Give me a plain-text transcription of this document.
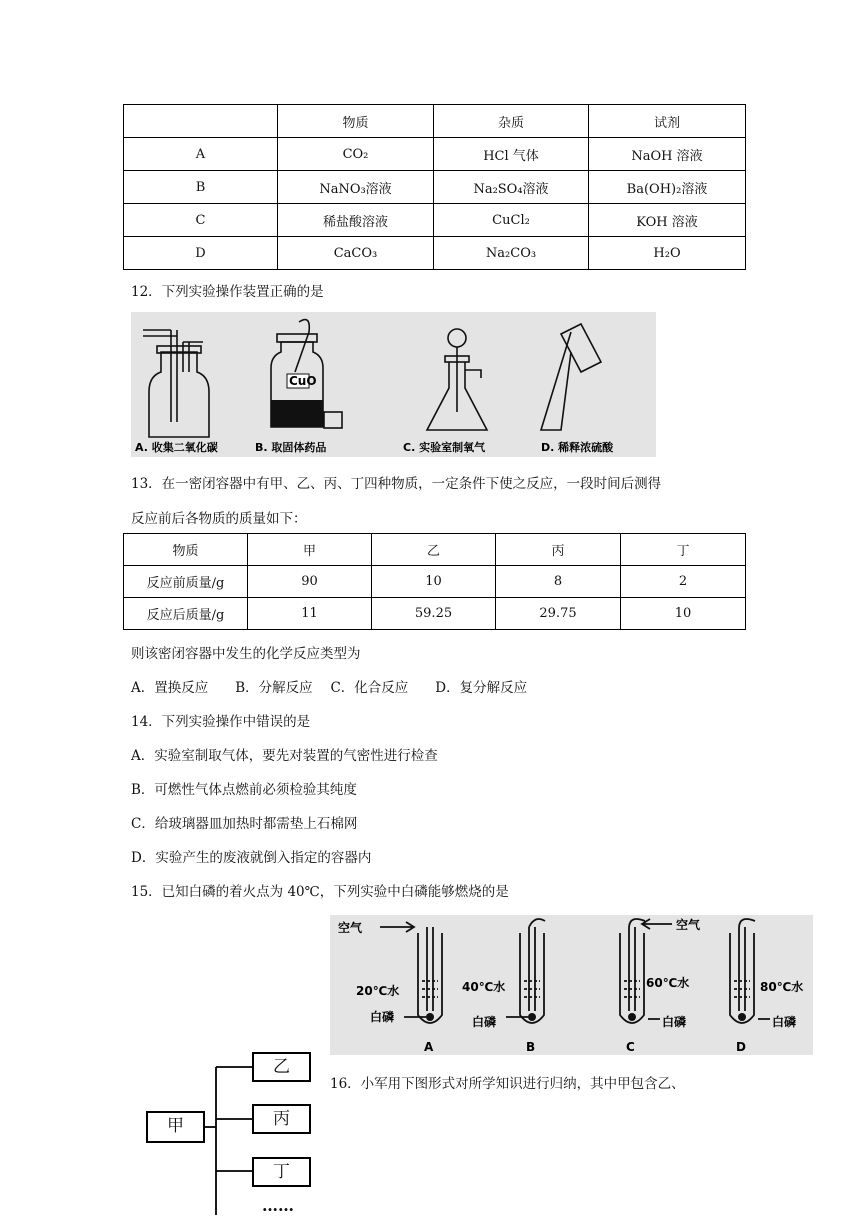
	物质	杂质	试剂
A	CO₂	HCl 气体	NaOH 溶液
B	NaNO₃溶液	Na₂SO₄溶液	Ba(OH)₂溶液
C	稀盐酸溶液	CuCl₂	KOH 溶液
D	CaCO₃	Na₂CO₃	H₂O
12．下列实验操作装置正确的是
CuO
A. 收集二氧化碳	B. 取固体药品	C. 实验室制氧气	D. 稀释浓硫酸
13．在一密闭容器中有甲、乙、丙、丁四种物质，一定条件下使之反应，一段时间后测得
反应前后各物质的质量如下：
物质	甲	乙	丙	丁
反应前质量/g	90	10	8	2
反应后质量/g	11	59.25	29.75	10
则该密闭容器中发生的化学反应类型为
A．置换反应　　B．分解反应　 C．化合反应　　D．复分解反应
14．下列实验操作中错误的是
A．实验室制取气体，要先对装置的气密性进行检查
B．可燃性气体点燃前必须检验其纯度
C．给玻璃器皿加热时都需垫上石棉网
D．实验产生的废液就倒入指定的容器内
15．已知白磷的着火点为 40℃，下列实验中白磷能够燃烧的是
空气	空气
20℃水	40℃水	60℃水	80℃水
白磷	白磷	白磷	白磷
A	B	C	D
甲
乙
丙
丁
……
16．小军用下图形式对所学知识进行归纳，其中甲包含乙、
